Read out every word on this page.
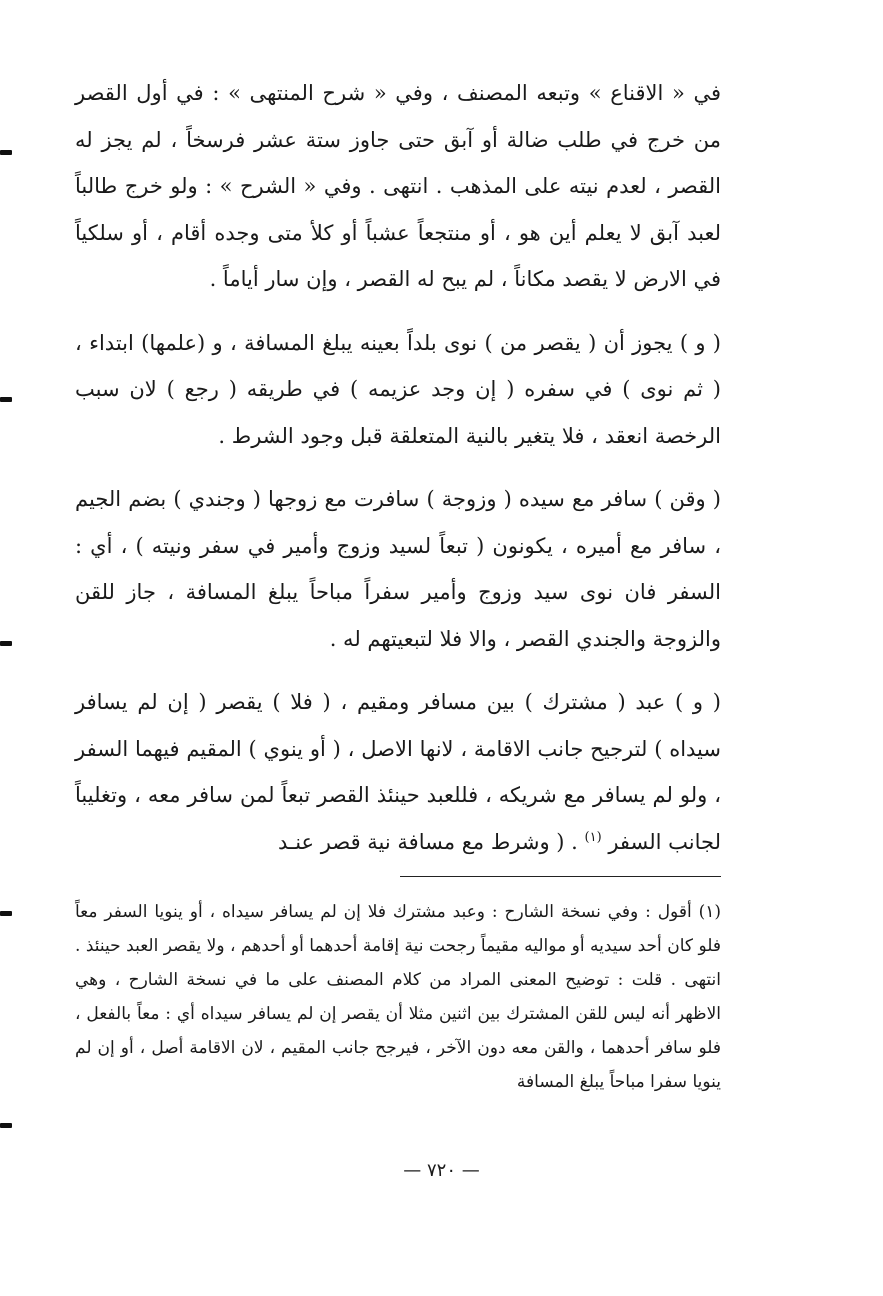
في « الاقناع » وتبعه المصنف ، وفي « شرح المنتهى » : في أول القصر من خرج في طلب ضالة أو آبق حتى جاوز ستة عشر فرسخاً ، لم يجز له القصر ، لعدم نيته على المذهب . انتهى . وفي « الشرح » : ولو خرج طالباً لعبد آبق لا يعلم أين هو ، أو منتجعاً عشباً أو كلأ متى وجده أقام ، أو سلكياً في الارض لا يقصد مكاناً ، لم يبح له القصر ، وإن سار أياماً .

( و ) يجوز أن ( يقصر من ) نوى بلداً بعينه يبلغ المسافة ، و (علمها) ابتداء ، ( ثم نوى ) في سفره ( إن وجد عزيمه ) في طريقه ( رجع ) لان سبب الرخصة انعقد ، فلا يتغير بالنية المتعلقة قبل وجود الشرط .

( وقن ) سافر مع سيده ( وزوجة ) سافرت مع زوجها ( وجندي ) بضم الجيم ، سافر مع أميره ، يكونون ( تبعاً لسيد وزوج وأمير في سفر ونيته ) ، أي : السفر فان نوى سيد وزوج وأمير سفراً مباحاً يبلغ المسافة ، جاز للقن والزوجة والجندي القصر ، والا فلا لتبعيتهم له .

( و ) عبد ( مشترك ) بين مسافر ومقيم ، ( فلا ) يقصر ( إن لم يسافر سيداه ) لترجيح جانب الاقامة ، لانها الاصل ، ( أو ينوي ) المقيم فيهما السفر ، ولو لم يسافر مع شريكه ، فللعبد حينئذ القصر تبعاً لمن سافر معه ، وتغليباً لجانب السفر $^{(١)}$ . ( وشرط مع مسافة نية قصر عنـد

(١) أقول : وفي نسخة الشارح : وعبد مشترك فلا إن لم يسافر سيداه ، أو ينويا السفر معاً فلو كان أحد سيديه أو مواليه مقيماً رجحت نية إقامة أحدهما أو أحدهم ، ولا يقصر العبد حينئذ . انتهى . قلت : توضيح المعنى المراد من كلام المصنف على ما في نسخة الشارح ، وهي الاظهر أنه ليس للقن المشترك بين اثنين مثلا أن يقصر إن لم يسافر سيداه أي : معاً بالفعل ، فلو سافر أحدهما ، والقن معه دون الآخر ، فيرجح جانب المقيم ، لان الاقامة أصل ، أو إن لم ينويا سفرا مباحاً يبلغ المسافة

— ٧٢٠ —
